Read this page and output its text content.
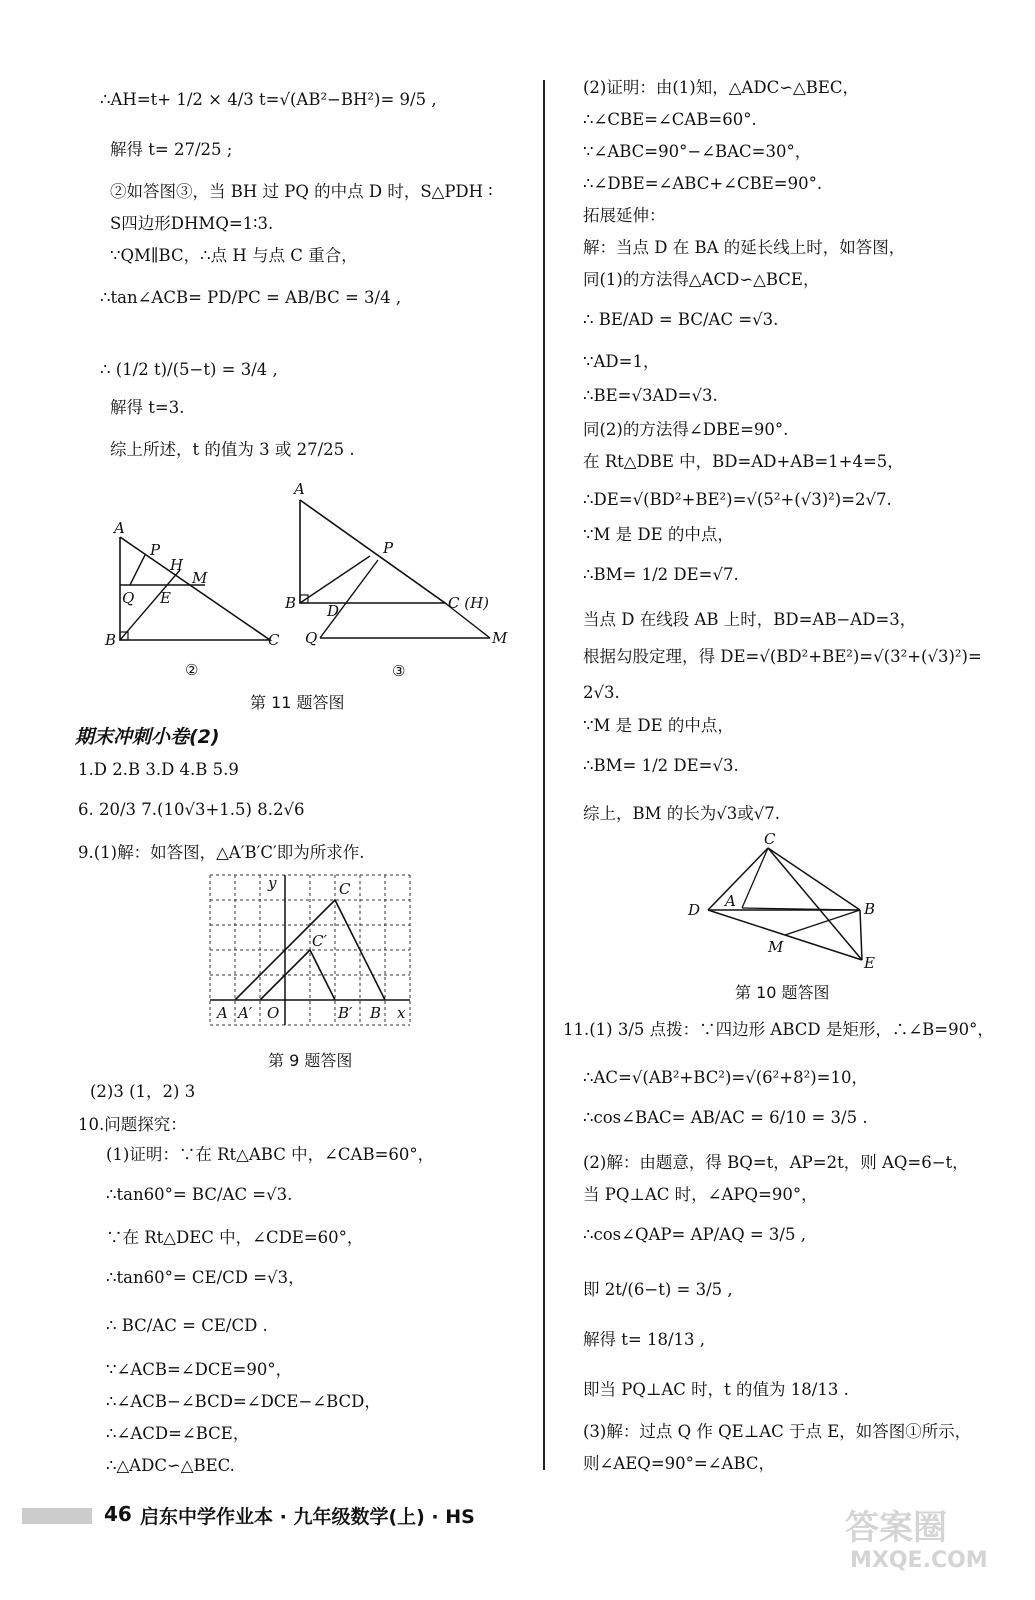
∴AH=t+ 1/2 × 4/3 t=√(AB²−BH²)= 9/5 ,

解得 t= 27/25 ;

②如答图③，当 BH 过 PQ 的中点 D 时，S△PDH ∶

S四边形DHMQ=1∶3.

∵QM∥BC，∴点 H 与点 C 重合，

∴tan∠ACB= PD/PC = AB/BC = 3/4 ,

∴ (1/2 t)/(5−t) = 3/4 ,

解得 t=3.

综上所述，t 的值为 3 或 27/25 .

A
P
H
M
Q E
B	C
②
A
P
B D	C (H)
Q	M
③
第 11 题答图
期末冲刺小卷(2)

1.D 2.B 3.D 4.B 5.9

6. 20/3 7.(10√3+1.5) 8.2√6

9.(1)解：如答图，△A′B′C′即为所求作.

y	C
C′
A A′ O	B′ B x
第 9 题答图

(2)3 (1，2) 3

10.问题探究：

(1)证明：∵在 Rt△ABC 中，∠CAB=60°，

∴tan60°= BC/AC =√3.

∵在 Rt△DEC 中，∠CDE=60°，

∴tan60°= CE/CD =√3，

∴ BC/AC = CE/CD .

∵∠ACB=∠DCE=90°，

∴∠ACB−∠BCD=∠DCE−∠BCD，

∴∠ACD=∠BCE，

∴△ADC∽△BEC.

(2)证明：由(1)知，△ADC∽△BEC，

∴∠CBE=∠CAB=60°.

∵∠ABC=90°−∠BAC=30°，

∴∠DBE=∠ABC+∠CBE=90°.

拓展延伸：

解：当点 D 在 BA 的延长线上时，如答图，

同(1)的方法得△ACD∽△BCE，

∴ BE/AD = BC/AC =√3.

∵AD=1，

∴BE=√3AD=√3.

同(2)的方法得∠DBE=90°.

在 Rt△DBE 中，BD=AD+AB=1+4=5，

∴DE=√(BD²+BE²)=√(5²+(√3)²)=2√7.

∵M 是 DE 的中点，

∴BM= 1/2 DE=√7.

当点 D 在线段 AB 上时，BD=AB−AD=3，

根据勾股定理，得 DE=√(BD²+BE²)=√(3²+(√3)²)=

2√3.

∵M 是 DE 的中点，

∴BM= 1/2 DE=√3.

综上，BM 的长为√3或√7.

C
A
D	B
M
E
第 10 题答图

11.(1) 3/5 点拨：∵四边形 ABCD 是矩形，∴∠B=90°，

∴AC=√(AB²+BC²)=√(6²+8²)=10，

∴cos∠BAC= AB/AC = 6/10 = 3/5 .

(2)解：由题意，得 BQ=t，AP=2t，则 AQ=6−t，

当 PQ⊥AC 时，∠APQ=90°，

∴cos∠QAP= AP/AQ = 3/5 ,

即 2t/(6−t) = 3/5 ,

解得 t= 18/13 ,

即当 PQ⊥AC 时，t 的值为 18/13 .

(3)解：过点 Q 作 QE⊥AC 于点 E，如答图①所示，

则∠AEQ=90°=∠ABC，

46 启东中学作业本 · 九年级数学(上) · HS	答案圈
MXQE.COM
